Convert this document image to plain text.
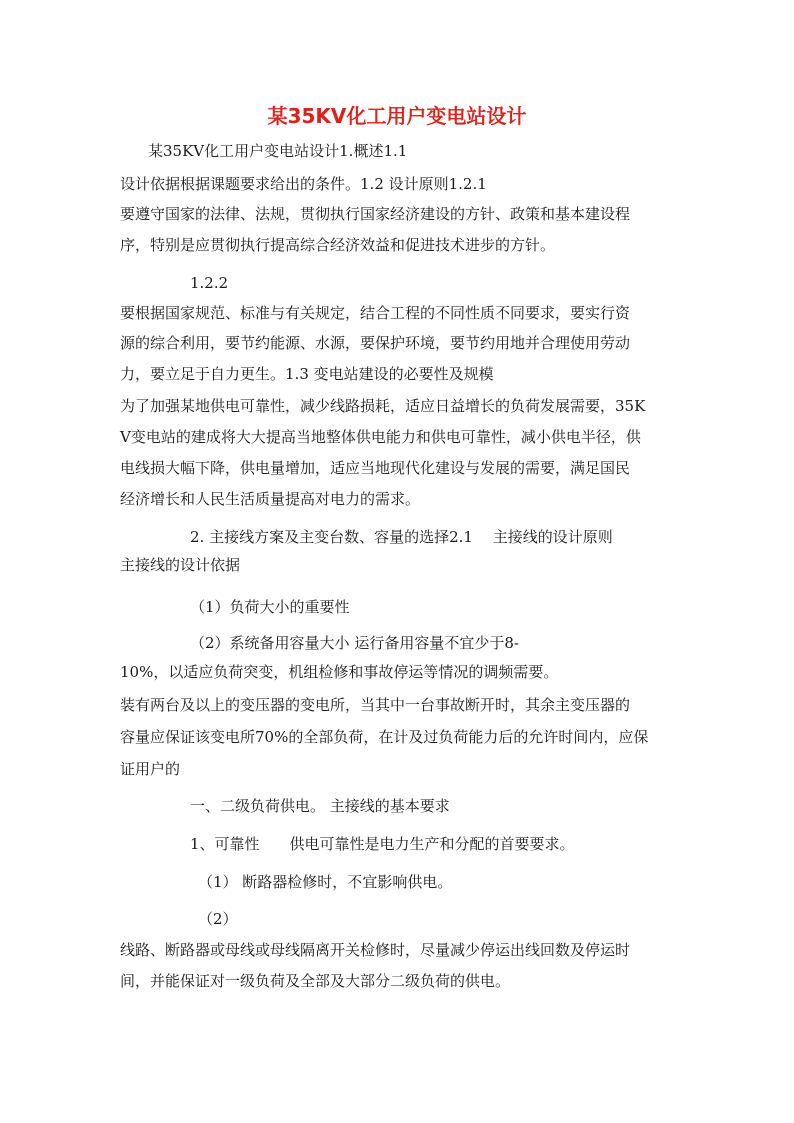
某35KV化工用户变电站设计
某35KV化工用户变电站设计1.概述1.1
设计依据根据课题要求给出的条件。1.2 设计原则1.2.1
要遵守国家的法律、法规，贯彻执行国家经济建设的方针、政策和基本建设程
序，特别是应贯彻执行提高综合经济效益和促进技术进步的方针。
1.2.2
要根据国家规范、标准与有关规定，结合工程的不同性质不同要求，要实行资
源的综合利用，要节约能源、水源，要保护环境，要节约用地并合理使用劳动
力，要立足于自力更生。1.3 变电站建设的必要性及规模
为了加强某地供电可靠性，减少线路损耗，适应日益增长的负荷发展需要，35K
V变电站的建成将大大提高当地整体供电能力和供电可靠性，减小供电半径，供
电线损大幅下降，供电量增加，适应当地现代化建设与发展的需要，满足国民
经济增长和人民生活质量提高对电力的需求。
2. 主接线方案及主变台数、容量的选择2.1　 主接线的设计原则
主接线的设计依据
（1）负荷大小的重要性
（2）系统备用容量大小 运行备用容量不宜少于8-
10%，以适应负荷突变，机组检修和事故停运等情况的调频需要。
装有两台及以上的变压器的变电所，当其中一台事故断开时，其余主变压器的
容量应保证该变电所70%的全部负荷，在计及过负荷能力后的允许时间内，应保
证用户的
一、二级负荷供电。 主接线的基本要求
1、可靠性　　供电可靠性是电力生产和分配的首要要求。
（1） 断路器检修时，不宜影响供电。
（2）
线路、断路器或母线或母线隔离开关检修时，尽量减少停运出线回数及停运时
间，并能保证对一级负荷及全部及大部分二级负荷的供电。
